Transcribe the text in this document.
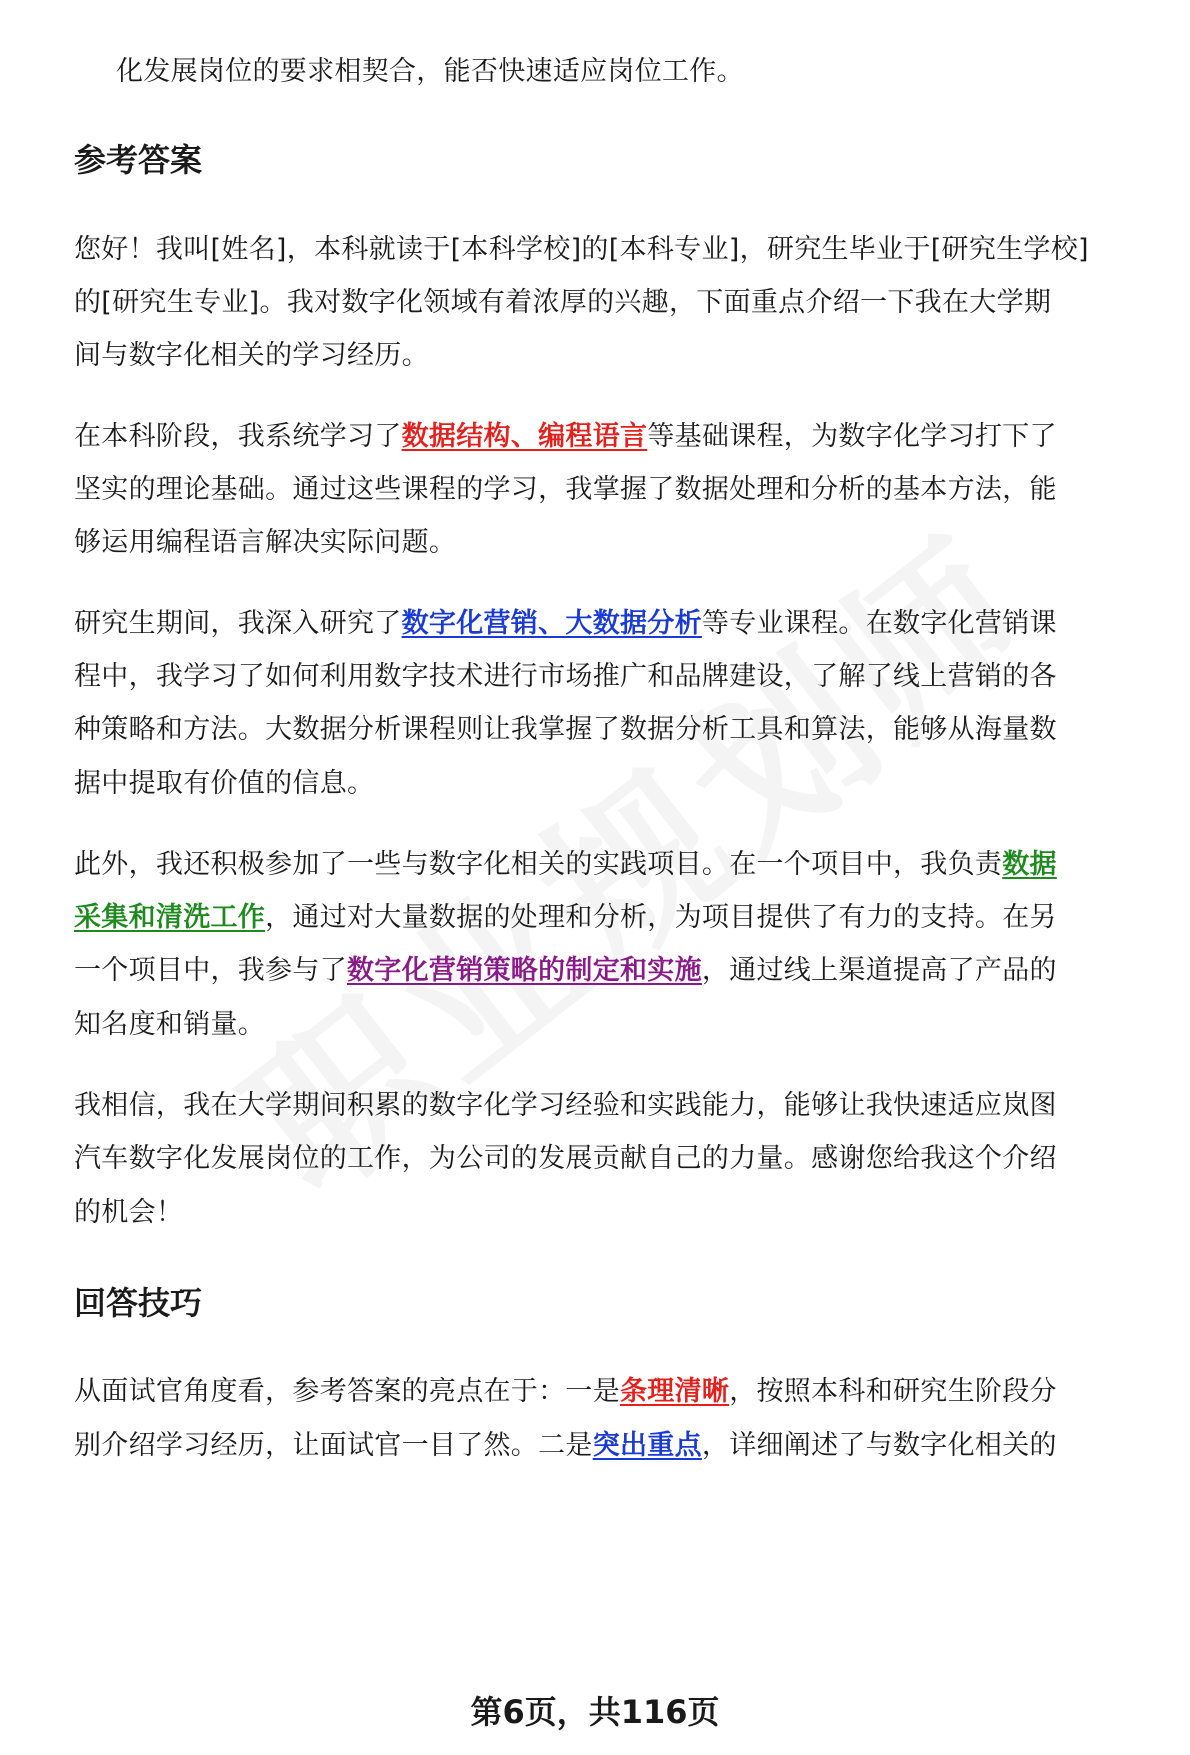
化发展岗位的要求相契合，能否快速适应岗位工作。
参考答案
您好！我叫[姓名]，本科就读于[本科学校]的[本科专业]，研究生毕业于[研究生学校]
的[研究生专业]。我对数字化领域有着浓厚的兴趣，下面重点介绍一下我在大学期
间与数字化相关的学习经历。
在本科阶段，我系统学习了数据结构、编程语言等基础课程，为数字化学习打下了
坚实的理论基础。通过这些课程的学习，我掌握了数据处理和分析的基本方法，能
够运用编程语言解决实际问题。
研究生期间，我深入研究了数字化营销、大数据分析等专业课程。在数字化营销课
程中，我学习了如何利用数字技术进行市场推广和品牌建设，了解了线上营销的各
种策略和方法。大数据分析课程则让我掌握了数据分析工具和算法，能够从海量数
据中提取有价值的信息。
此外，我还积极参加了一些与数字化相关的实践项目。在一个项目中，我负责数据
采集和清洗工作，通过对大量数据的处理和分析，为项目提供了有力的支持。在另
一个项目中，我参与了数字化营销策略的制定和实施，通过线上渠道提高了产品的
知名度和销量。
我相信，我在大学期间积累的数字化学习经验和实践能力，能够让我快速适应岚图
汽车数字化发展岗位的工作，为公司的发展贡献自己的力量。感谢您给我这个介绍
的机会！
回答技巧
从面试官角度看，参考答案的亮点在于：一是条理清晰，按照本科和研究生阶段分
别介绍学习经历，让面试官一目了然。二是突出重点，详细阐述了与数字化相关的
第6页，共116页
